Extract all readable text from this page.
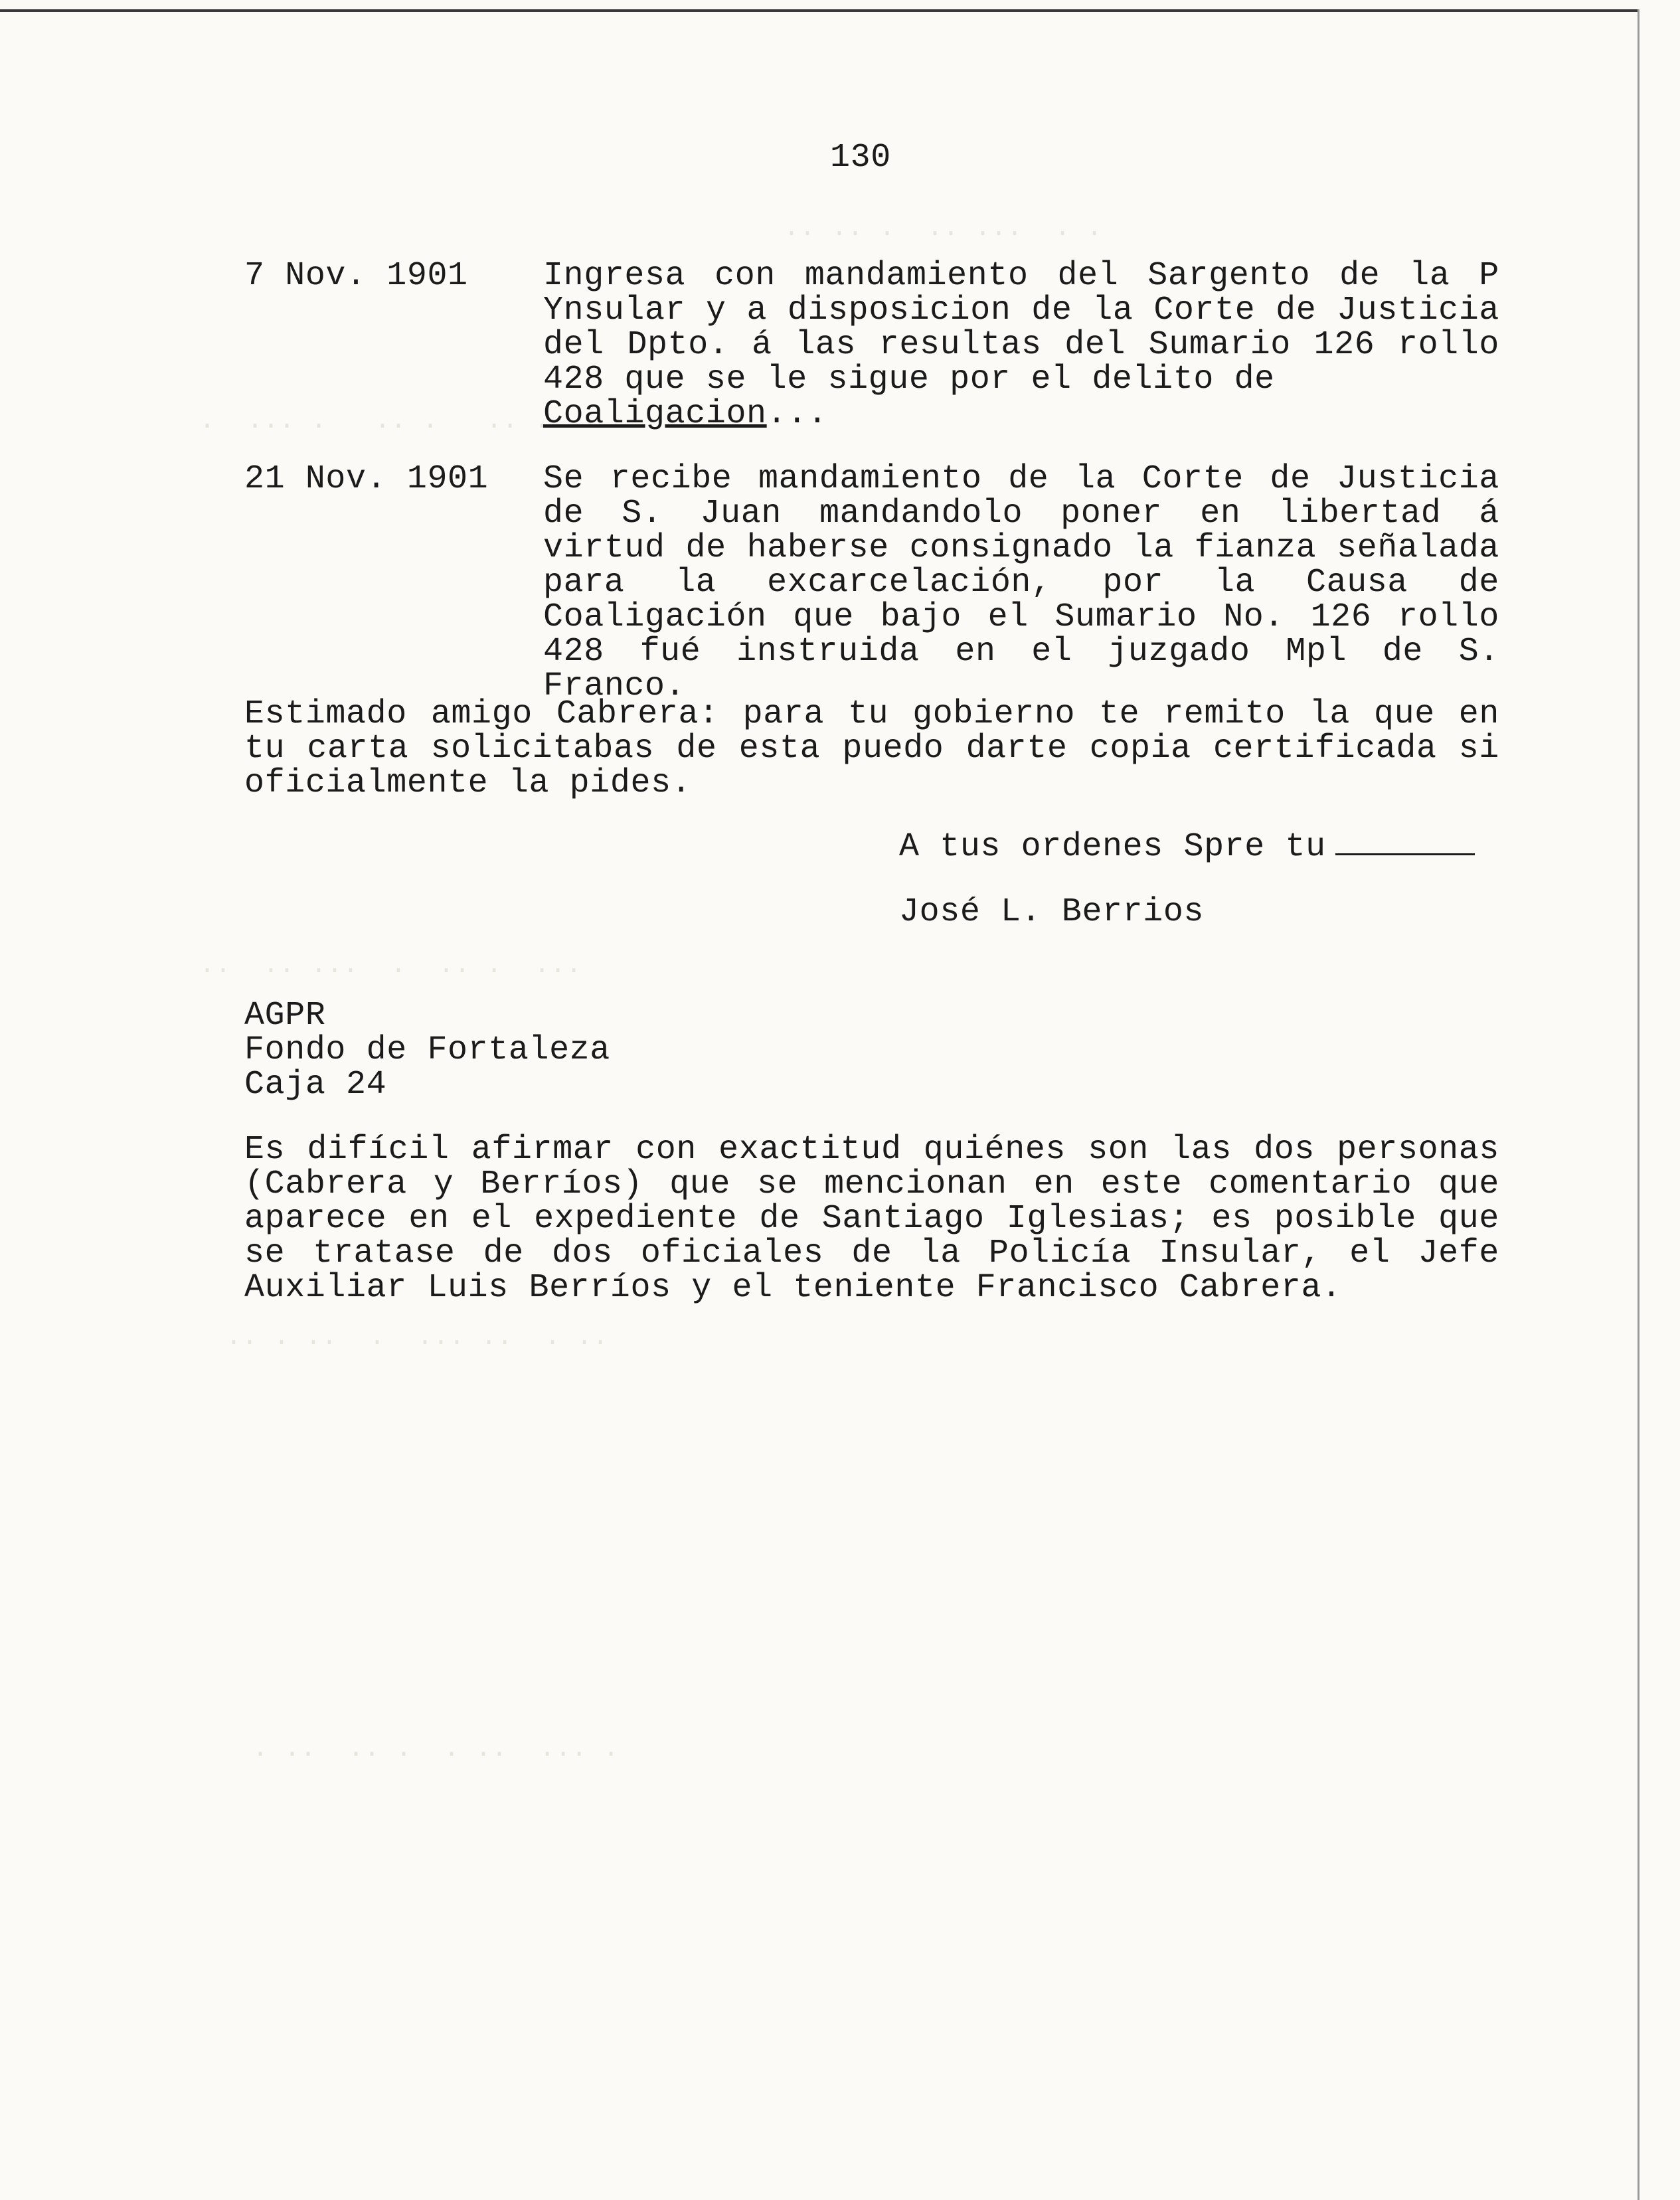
·· ·· ·  ·· ···  · ·
·  ··· ·   ·· ·   ·· ·· ·
··  ·· ···  ·  ·· ·  ···
·· · ··  ·  ··· ··  · ··
· ··  ·· ·  · ··  ··· ·
130
7 Nov. 1901 Ingresa con mandamiento del Sargento de la P Ynsular y a disposicion de la Corte de Justicia del Dpto. á las resultas del Sumario 126 rollo 428 que se le sigue por el delito de
Coaligacion...
21 Nov. 1901 Se recibe mandamiento de la Corte de Justicia de S. Juan mandandolo poner en libertad á virtud de haberse consignado la fianza señalada para la excarcelación, por la Causa de Coaligación que bajo el Sumario No. 126 rollo 428 fué instruida en el juzgado Mpl de S. Franco.
Estimado amigo Cabrera: para tu gobierno te remito la que en tu carta solicitabas de esta puedo darte copia certificada si oficialmente la pides.
A tus ordenes Spre tu
José L. Berrios
AGPR
Fondo de Fortaleza
Caja 24
Es difícil afirmar con exactitud quiénes son las dos personas (Cabrera y Berríos) que se mencionan en este comentario que aparece en el expediente de Santiago Iglesias; es posible que se tratase de dos oficiales de la Policía Insular, el Jefe Auxiliar Luis Berríos y el teniente Francisco Cabrera.
